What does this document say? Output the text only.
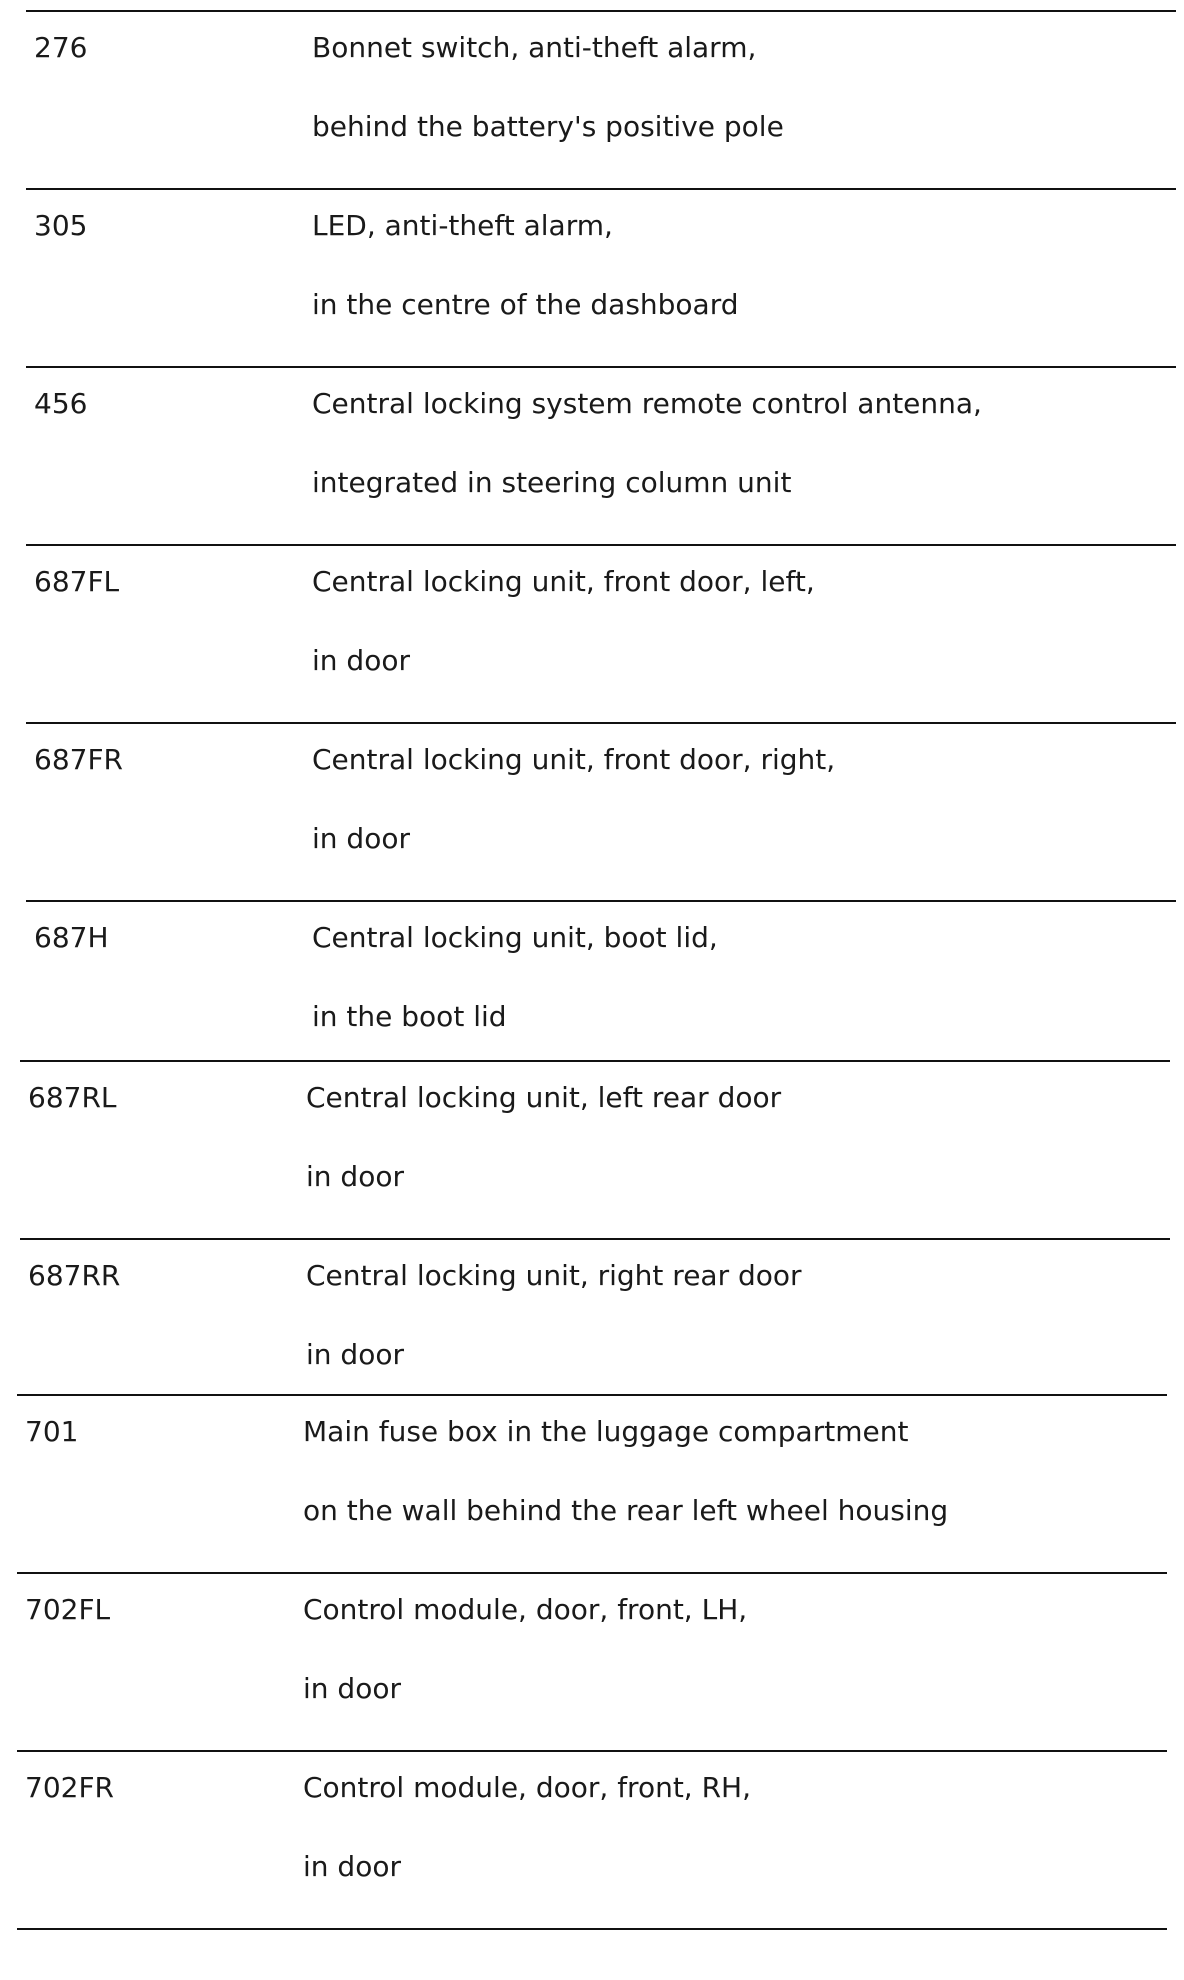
276	Bonnet switch, anti-theft alarm,
behind the battery's positive pole
305	LED, anti-theft alarm,
in the centre of the dashboard
456	Central locking system remote control antenna,
integrated in steering column unit
687FL	Central locking unit, front door, left,
in door
687FR	Central locking unit, front door, right,
in door
687H	Central locking unit, boot lid,
in the boot lid
687RL	Central locking unit, left rear door
in door
687RR	Central locking unit, right rear door
in door
701	Main fuse box in the luggage compartment
on the wall behind the rear left wheel housing
702FL	Control module, door, front, LH,
in door
702FR	Control module, door, front, RH,
in door
